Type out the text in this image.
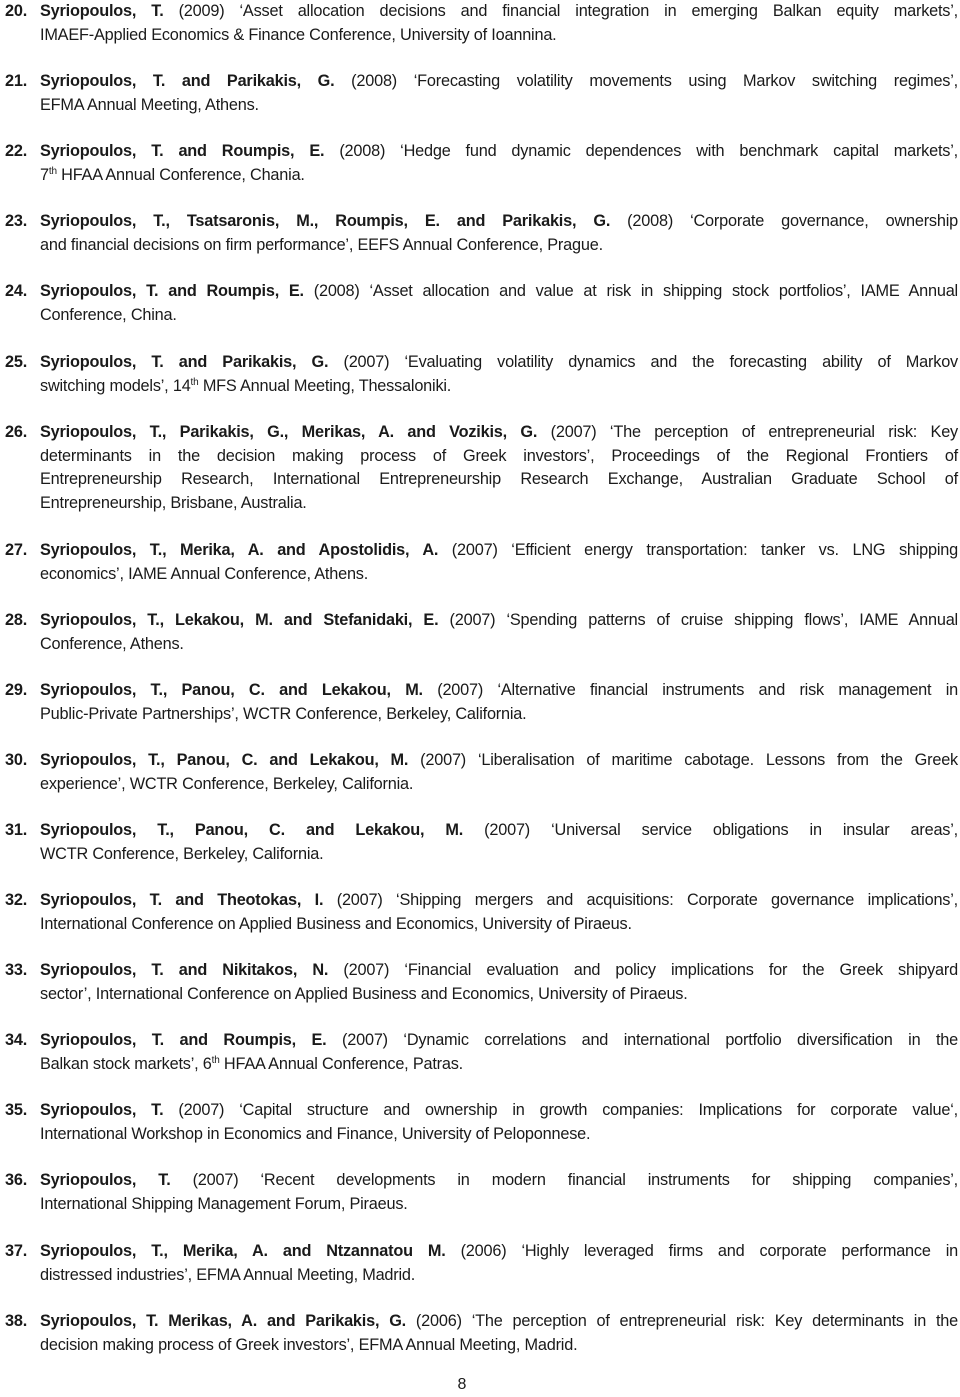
20. Syriopoulos, T. (2009) ‘Asset allocation decisions and financial integration in emerging Balkan equity markets’,
IMAEF-Applied Economics & Finance Conference, University of Ioannina.
21. Syriopoulos, T. and Parikakis, G. (2008) ‘Forecasting volatility movements using Markov switching regimes’,
EFMA Annual Meeting, Athens.
22. Syriopoulos, T. and Roumpis, E. (2008) ‘Hedge fund dynamic dependences with benchmark capital markets’,
7th HFAA Annual Conference, Chania.
23. Syriopoulos, T., Tsatsaronis, M., Roumpis, E. and Parikakis, G. (2008) ‘Corporate governance, ownership
and financial decisions on firm performance’, EEFS Annual Conference, Prague.
24. Syriopoulos, T. and Roumpis, E. (2008) ‘Asset allocation and value at risk in shipping stock portfolios’, IAME Annual
Conference, China.
25. Syriopoulos, T. and Parikakis, G. (2007) ‘Evaluating volatility dynamics and the forecasting ability of Markov
switching models’, 14th MFS Annual Meeting, Thessaloniki.
26. Syriopoulos, T., Parikakis, G., Merikas, A. and Vozikis, G. (2007) ‘The perception of entrepreneurial risk: Key
determinants in the decision making process of Greek investors’, Proceedings of the Regional Frontiers of
Entrepreneurship Research, International Entrepreneurship Research Exchange, Australian Graduate School of
Entrepreneurship, Brisbane, Australia.
27. Syriopoulos, T., Merika, A. and Apostolidis, A. (2007) ‘Efficient energy transportation: tanker vs. LNG shipping
economics’, IAME Annual Conference, Athens.
28. Syriopoulos, T., Lekakou, M. and Stefanidaki, E. (2007) ‘Spending patterns of cruise shipping flows’, IAME Annual
Conference, Athens.
29. Syriopoulos, T., Panou, C. and Lekakou, M. (2007) ‘Alternative financial instruments and risk management in
Public-Private Partnerships’, WCTR Conference, Berkeley, California.
30. Syriopoulos, T., Panou, C. and Lekakou, M. (2007) ‘Liberalisation of maritime cabotage. Lessons from the Greek
experience’, WCTR Conference, Berkeley, California.
31. Syriopoulos, T., Panou, C. and Lekakou, M. (2007) ‘Universal service obligations in insular areas’,
WCTR Conference, Berkeley, California.
32. Syriopoulos, T. and Theotokas, I. (2007) ‘Shipping mergers and acquisitions: Corporate governance implications’,
International Conference on Applied Business and Economics, University of Piraeus.
33. Syriopoulos, T. and Nikitakos, N. (2007) ‘Financial evaluation and policy implications for the Greek shipyard
sector’, International Conference on Applied Business and Economics, University of Piraeus.
34. Syriopoulos, T. and Roumpis, E. (2007) ‘Dynamic correlations and international portfolio diversification in the
Balkan stock markets’, 6th HFAA Annual Conference, Patras.
35. Syriopoulos, T. (2007) ‘Capital structure and ownership in growth companies: Implications for corporate value‘,
International Workshop in Economics and Finance, University of Peloponnese.
36. Syriopoulos, T. (2007) ‘Recent developments in modern financial instruments for shipping companies’,
International Shipping Management Forum, Piraeus.
37. Syriopoulos, T., Merika, A. and Ntzannatou M. (2006) ‘Highly leveraged firms and corporate performance in
distressed industries’, EFMA Annual Meeting, Madrid.
38. Syriopoulos, T. Merikas, A. and Parikakis, G. (2006) ‘The perception of entrepreneurial risk: Key determinants in the
decision making process of Greek investors’, EFMA Annual Meeting, Madrid.
8
